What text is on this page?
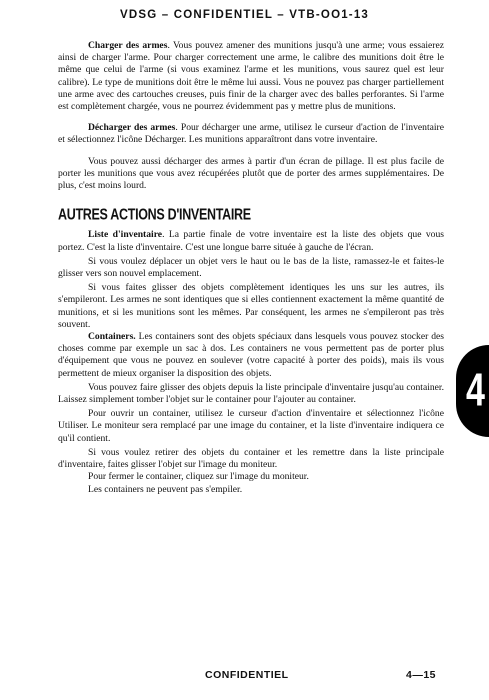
VDSG – CONFIDENTIEL – VTB-OO1-13

Charger des armes. Vous pouvez amener des munitions jusqu'à une arme; vous essaierez ainsi de charger l'arme. Pour charger correctement une arme, le calibre des munitions doit être le même que celui de l'arme (si vous examinez l'arme et les munitions, vous saurez quel est leur calibre). Le type de munitions doit être le même lui aussi. Vous ne pouvez pas charger partiellement une arme avec des cartouches creuses, puis finir de la charger avec des balles perforantes. Si l'arme est complètement chargée, vous ne pourrez évidemment pas y mettre plus de munitions.

Décharger des armes. Pour décharger une arme, utilisez le curseur d'action de l'inventaire et sélectionnez l'icône Décharger. Les munitions apparaîtront dans votre inventaire.

Vous pouvez aussi décharger des armes à partir d'un écran de pillage. Il est plus facile de porter les munitions que vous avez récupérées plutôt que de porter des armes supplémentaires. De plus, c'est moins lourd.

AUTRES ACTIONS D'INVENTAIRE

Liste d'inventaire. La partie finale de votre inventaire est la liste des objets que vous portez. C'est la liste d'inventaire. C'est une longue barre située à gauche de l'écran.

Si vous voulez déplacer un objet vers le haut ou le bas de la liste, ramassez-le et faites-le glisser vers son nouvel emplacement.

Si vous faites glisser des objets complètement identiques les uns sur les autres, ils s'empileront. Les armes ne sont identiques que si elles contiennent exactement la même quantité de munitions, et si les munitions sont les mêmes. Par conséquent, les armes ne s'empileront pas très souvent.

Containers. Les containers sont des objets spéciaux dans lesquels vous pouvez stocker des choses comme par exemple un sac à dos. Les containers ne vous permettent pas de porter plus d'équipement que vous ne pouvez en soulever (votre capacité à porter des poids), mais ils vous permettent de mieux organiser la disposition des objets.

Vous pouvez faire glisser des objets depuis la liste principale d'inventaire jusqu'au container. Laissez simplement tomber l'objet sur le container pour l'ajouter au container.

Pour ouvrir un container, utilisez le curseur d'action d'inventaire et sélectionnez l'icône Utiliser. Le moniteur sera remplacé par une image du container, et la liste d'inventaire indiquera ce qu'il contient.

Si vous voulez retirer des objets du container et les remettre dans la liste principale d'inventaire, faites glisser l'objet sur l'image du moniteur.

Pour fermer le container, cliquez sur l'image du moniteur.

Les containers ne peuvent pas s'empiler.

4
CONFIDENTIEL	4—15
